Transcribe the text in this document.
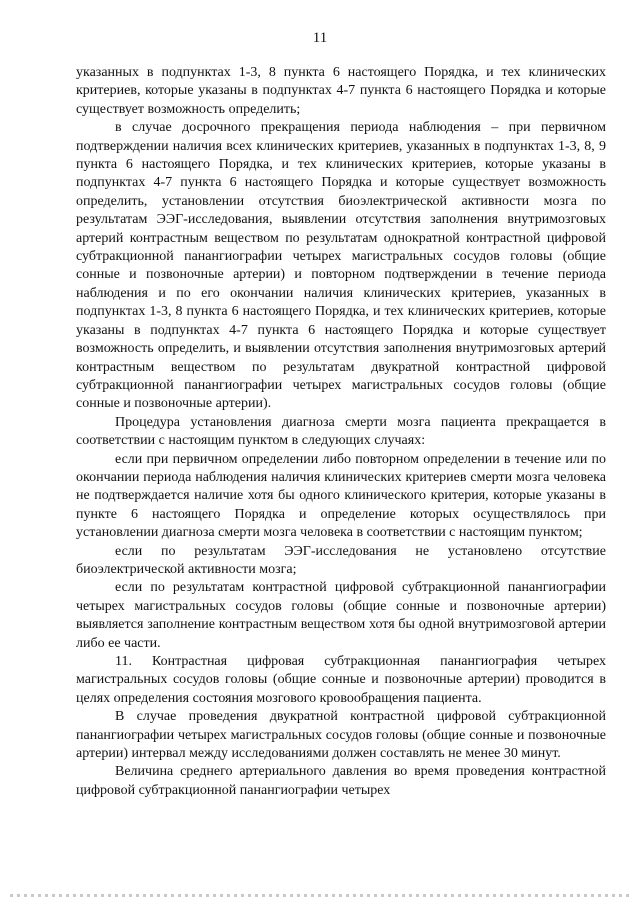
11

указанных в подпунктах 1-3, 8 пункта 6 настоящего Порядка, и тех клинических критериев, которые указаны в подпунктах 4-7 пункта 6 настоящего Порядка и которые существует возможность определить;

в случае досрочного прекращения периода наблюдения – при первичном подтверждении наличия всех клинических критериев, указанных в подпунктах 1-3, 8, 9 пункта 6 настоящего Порядка, и тех клинических критериев, которые указаны в подпунктах 4-7 пункта 6 настоящего Порядка и которые существует возможность определить, установлении отсутствия биоэлектрической активности мозга по результатам ЭЭГ-исследования, выявлении отсутствия заполнения внутримозговых артерий контрастным веществом по результатам однократной контрастной цифровой субтракционной панангиографии четырех магистральных сосудов головы (общие сонные и позвоночные артерии) и повторном подтверждении в течение периода наблюдения и по его окончании наличия клинических критериев, указанных в подпунктах 1-3, 8 пункта 6 настоящего Порядка, и тех клинических критериев, которые указаны в подпунктах 4-7 пункта 6 настоящего Порядка и которые существует возможность определить, и выявлении отсутствия заполнения внутримозговых артерий контрастным веществом по результатам двукратной контрастной цифровой субтракционной панангиографии четырех магистральных сосудов головы (общие сонные и позвоночные артерии).

Процедура установления диагноза смерти мозга пациента прекращается в соответствии с настоящим пунктом в следующих случаях:

если при первичном определении либо повторном определении в течение или по окончании периода наблюдения наличия клинических критериев смерти мозга человека не подтверждается наличие хотя бы одного клинического критерия, которые указаны в пункте 6 настоящего Порядка и определение которых осуществлялось при установлении диагноза смерти мозга человека в соответствии с настоящим пунктом;

если по результатам ЭЭГ-исследования не установлено отсутствие биоэлектрической активности мозга;

если по результатам контрастной цифровой субтракционной панангиографии четырех магистральных сосудов головы (общие сонные и позвоночные артерии) выявляется заполнение контрастным веществом хотя бы одной внутримозговой артерии либо ее части.

11. Контрастная цифровая субтракционная панангиография четырех магистральных сосудов головы (общие сонные и позвоночные артерии) проводится в целях определения состояния мозгового кровообращения пациента.

В случае проведения двукратной контрастной цифровой субтракционной панангиографии четырех магистральных сосудов головы (общие сонные и позвоночные артерии) интервал между исследованиями должен составлять не менее 30 минут.

Величина среднего артериального давления во время проведения контрастной цифровой субтракционной панангиографии четырех
